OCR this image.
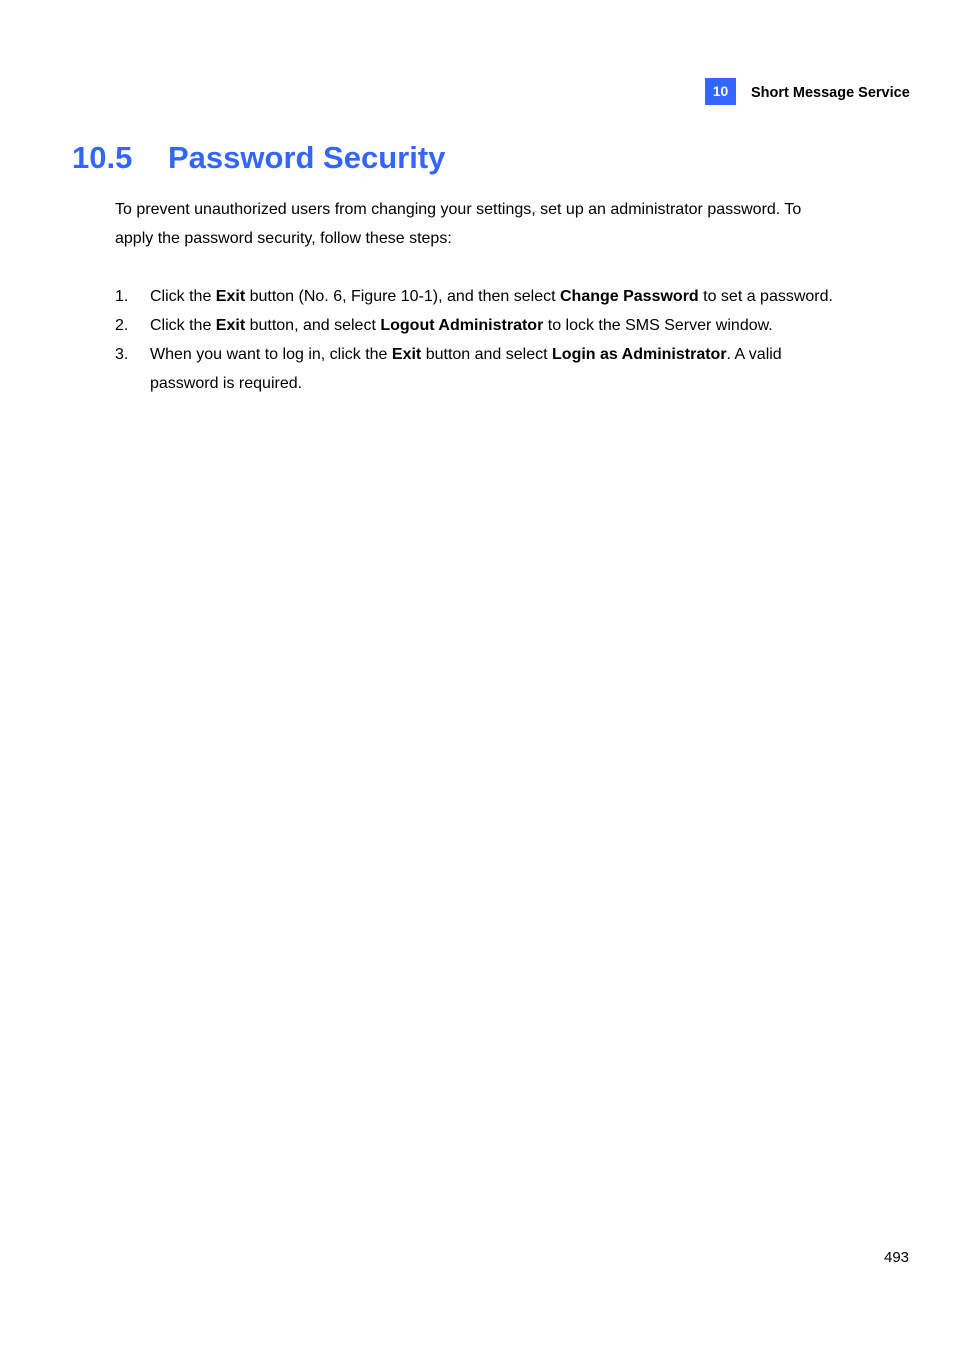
10	Short Message Service
10.5 Password Security

To prevent unauthorized users from changing your settings, set up an administrator password. To
apply the password security, follow these steps:

1. Click the Exit button (No. 6, Figure 10-1), and then select Change Password to set a password.
2. Click the Exit button, and select Logout Administrator to lock the SMS Server window.
3. When you want to log in, click the Exit button and select Login as Administrator. A valid
password is required.
493
